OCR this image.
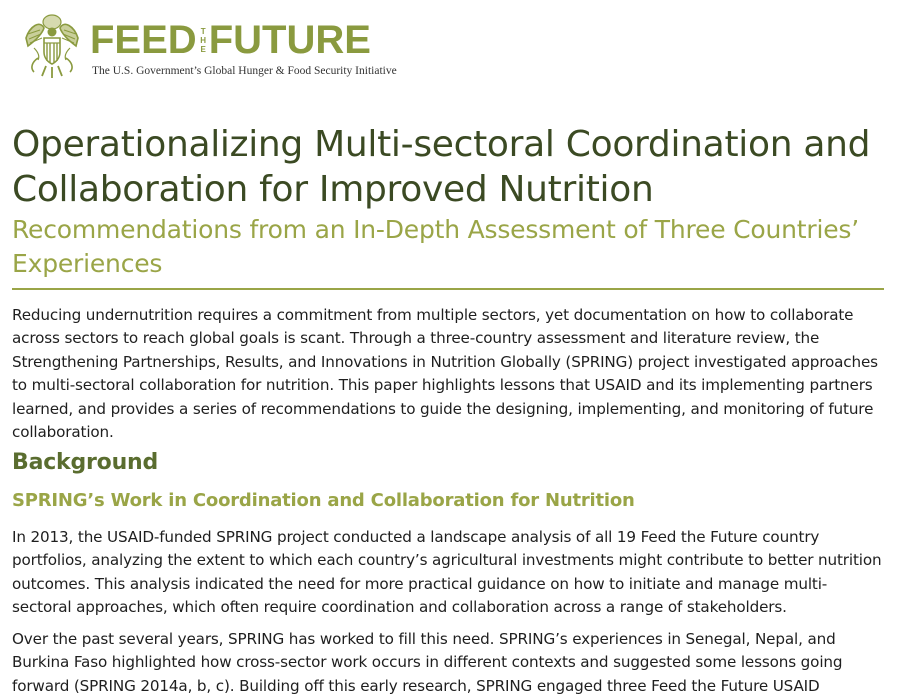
FEED THE FUTURE
The U.S. Government’s Global Hunger & Food Security Initiative
Operationalizing Multi-sectoral Coordination and Collaboration for Improved Nutrition
Recommendations from an In-Depth Assessment of Three Countries’ Experiences

Reducing undernutrition requires a commitment from multiple sectors, yet documentation on how to collaborate across sectors to reach global goals is scant. Through a three-country assessment and literature review, the Strengthening Partnerships, Results, and Innovations in Nutrition Globally (SPRING) project investigated approaches to multi-sectoral collaboration for nutrition. This paper highlights lessons that USAID and its implementing partners learned, and provides a series of recommendations to guide the designing, implementing, and monitoring of future collaboration.

Background
SPRING’s Work in Coordination and Collaboration for Nutrition

In 2013, the USAID-funded SPRING project conducted a landscape analysis of all 19 Feed the Future country portfolios, analyzing the extent to which each country’s agricultural investments might contribute to better nutrition outcomes. This analysis indicated the need for more practical guidance on how to initiate and manage multi-sectoral approaches, which often require coordination and collaboration across a range of stakeholders.

Over the past several years, SPRING has worked to fill this need. SPRING’s experiences in Senegal, Nepal, and Burkina Faso highlighted how cross-sector work occurs in different contexts and suggested some lessons going forward (SPRING 2014a, b, c). Building off this early research, SPRING engaged three Feed the Future USAID
